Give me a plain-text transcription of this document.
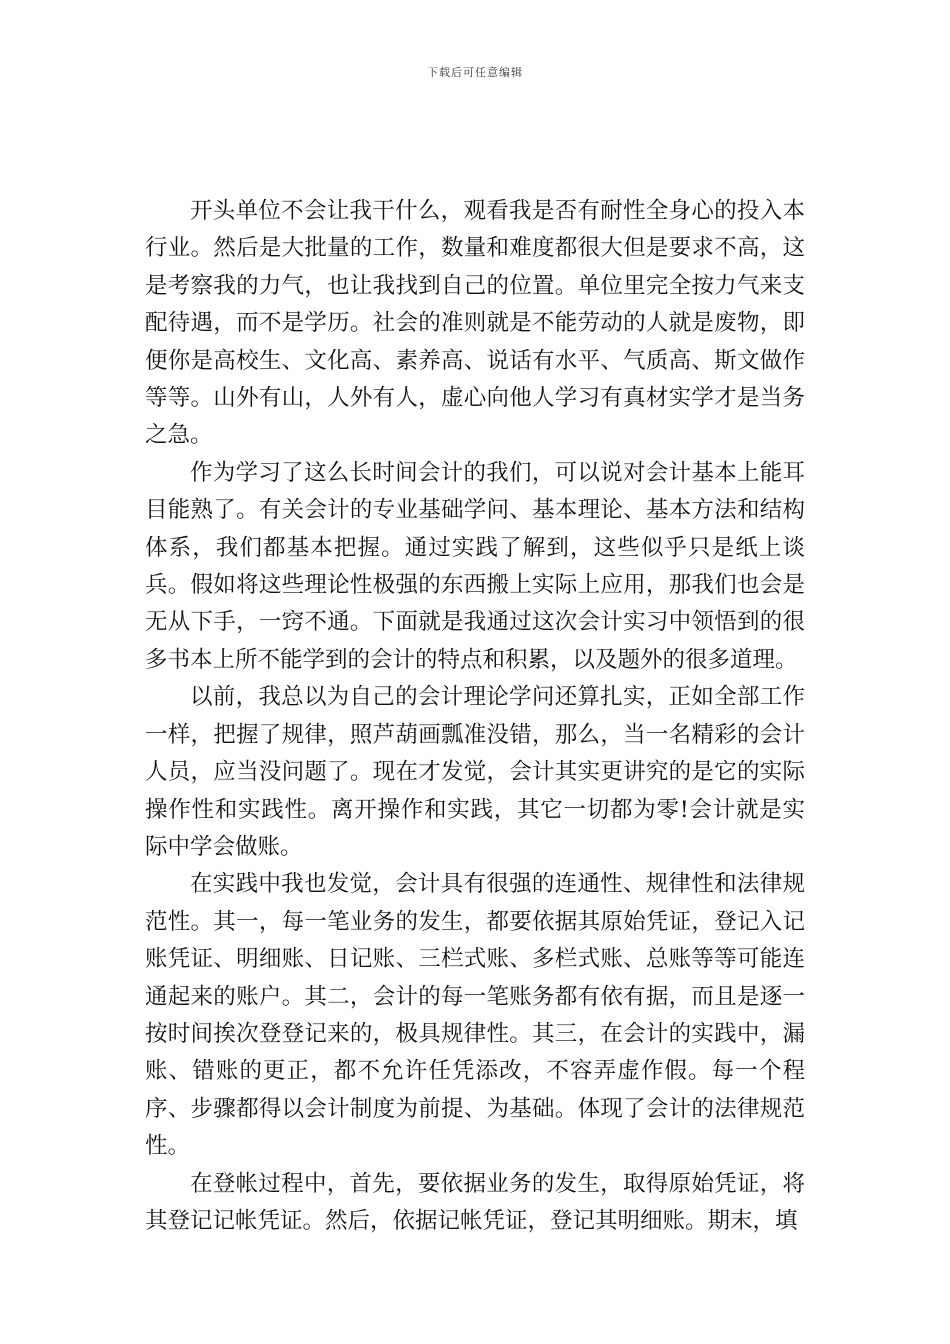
下载后可任意编辑

开头单位不会让我干什么，观看我是否有耐性全身心的投入本行业。然后是大批量的工作，数量和难度都很大但是要求不高，这是考察我的力气，也让我找到自己的位置。单位里完全按力气来支配待遇，而不是学历。社会的准则就是不能劳动的人就是废物，即便你是高校生、文化高、素养高、说话有水平、气质高、斯文做作等等。山外有山，人外有人，虚心向他人学习有真材实学才是当务之急。

作为学习了这么长时间会计的我们，可以说对会计基本上能耳目能熟了。有关会计的专业基础学问、基本理论、基本方法和结构体系，我们都基本把握。通过实践了解到，这些似乎只是纸上谈兵。假如将这些理论性极强的东西搬上实际上应用，那我们也会是无从下手，一窍不通。下面就是我通过这次会计实习中领悟到的很多书本上所不能学到的会计的特点和积累，以及题外的很多道理。

以前，我总以为自己的会计理论学问还算扎实，正如全部工作一样，把握了规律，照芦葫画瓢准没错，那么，当一名精彩的会计人员，应当没问题了。现在才发觉，会计其实更讲究的是它的实际操作性和实践性。离开操作和实践，其它一切都为零!会计就是实际中学会做账。

在实践中我也发觉，会计具有很强的连通性、规律性和法律规范性。其一，每一笔业务的发生，都要依据其原始凭证，登记入记账凭证、明细账、日记账、三栏式账、多栏式账、总账等等可能连通起来的账户。其二，会计的每一笔账务都有依有据，而且是逐一按时间挨次登登记来的，极具规律性。其三，在会计的实践中，漏账、错账的更正，都不允许任凭添改，不容弄虚作假。每一个程序、步骤都得以会计制度为前提、为基础。体现了会计的法律规范性。

在登帐过程中，首先，要依据业务的发生，取得原始凭证，将其登记记帐凭证。然后，依据记帐凭证，登记其明细账。期末，填
